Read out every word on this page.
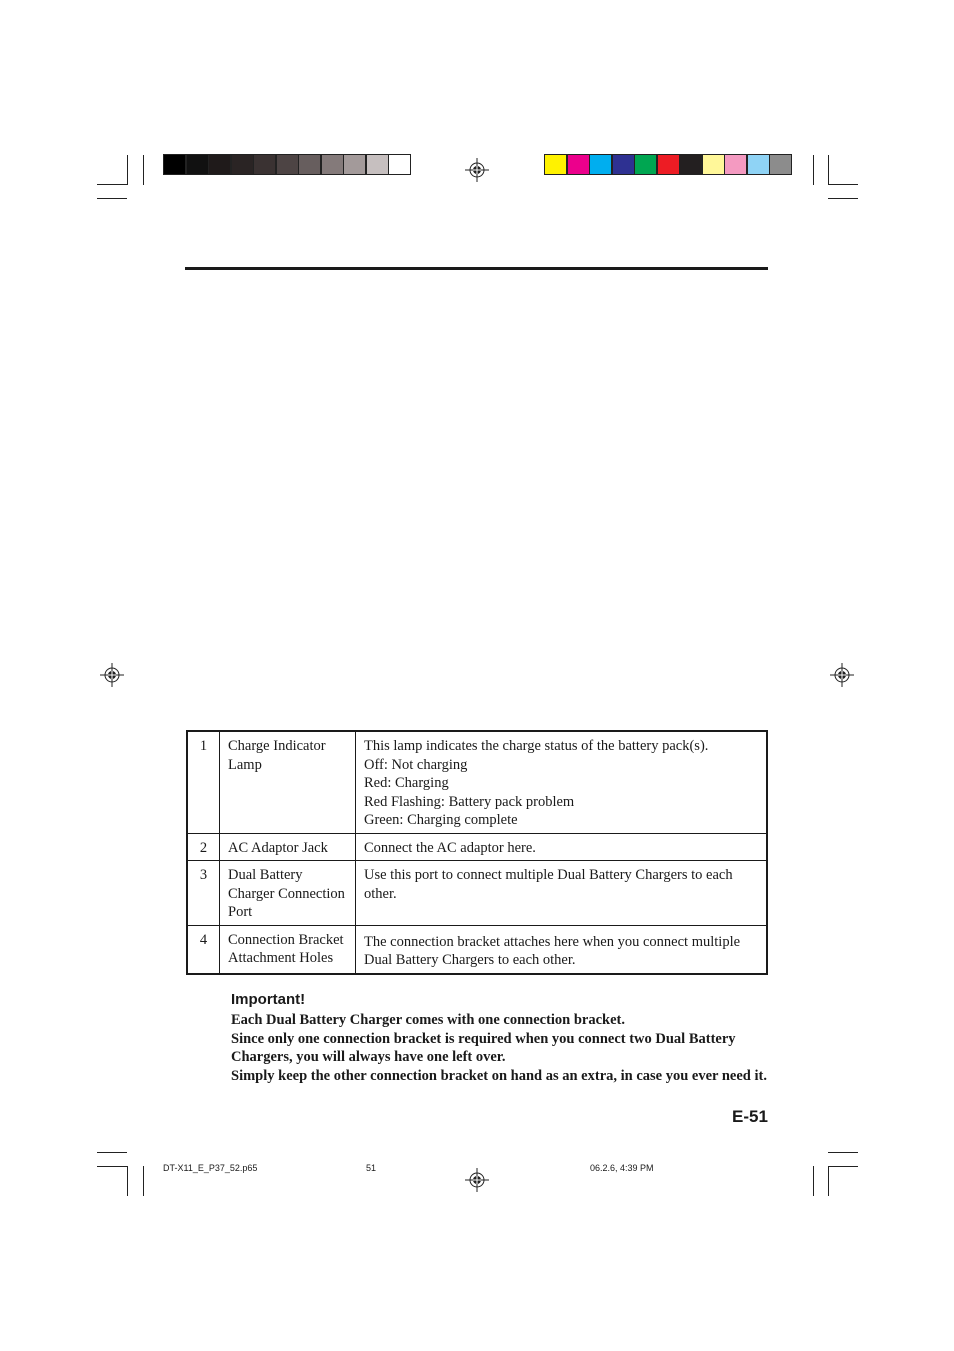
1	Charge Indicator Lamp	This lamp indicates the charge status of the battery pack(s).
Off: Not charging
Red: Charging
Red Flashing: Battery pack problem
Green: Charging complete

2	AC Adaptor Jack	Connect the AC adaptor here.

3	Dual Battery Charger Connection Port	Use this port to connect multiple Dual Battery Chargers to each other.

4	Connection Bracket Attachment Holes	The connection bracket attaches here when you connect multiple Dual Battery Chargers to each other.

Important!

Each Dual Battery Charger comes with one connection bracket.

Since only one connection bracket is required when you connect two Dual Battery Chargers, you will always have one left over.

Simply keep the other connection bracket on hand as an extra, in case you ever need it.

E-51
DT-X11_E_P37_52.p65	51	06.2.6, 4:39 PM
